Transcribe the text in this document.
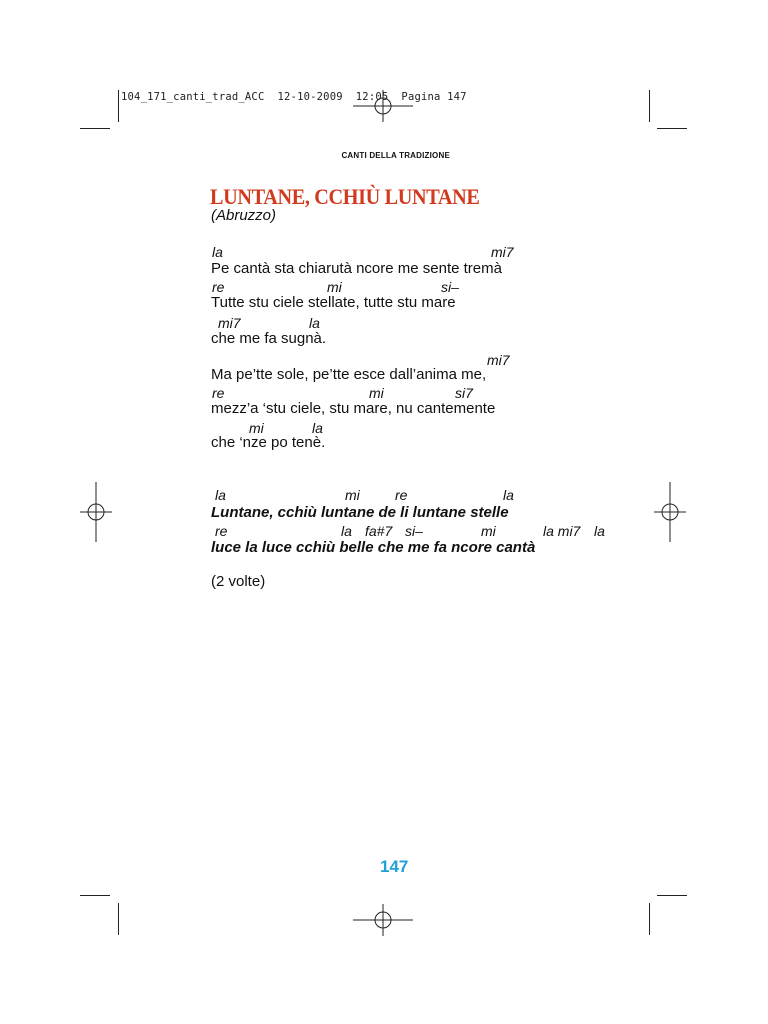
104_171_canti_trad_ACC  12-10-2009  12:05  Pagina 147
CANTI DELLA TRADIZIONE
LUNTANE, CCHIÙ LUNTANE
(Abruzzo)
la	mi7
Pe cantà sta chiarutà ncore me sente tremà
re	mi	si–
Tutte stu ciele stellate, tutte stu mare
mi7	la
che me fa sugnà.
mi7
Ma pe’tte sole, pe’tte esce dall’anima me,
re	mi	si7
mezz’a ‘stu ciele, stu mare, nu cantemente
mi	la
che ‘nze po tenè.
la	mi	re	la
Luntane, cchiù luntane de li luntane stelle
re	la fa#7 si–	mi	la mi7 la
luce la luce cchiù belle che me fa ncore cantà
(2 volte)
147
